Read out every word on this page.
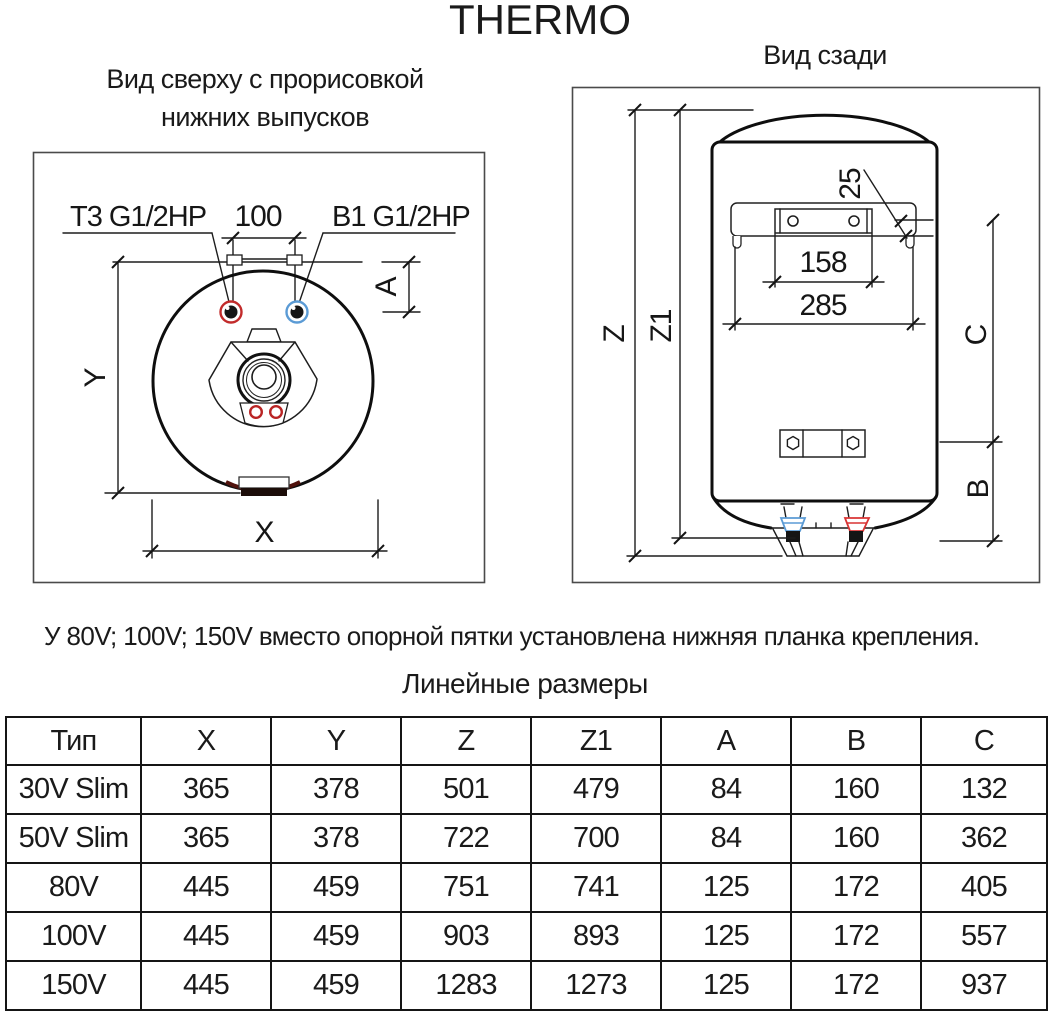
THERMO
Вид сверху с прорисовкой
нижних выпусков
Вид сзади
T3 G1/2HP 100 B1 G1/2HP
Y
A
X
25
158
285
Z Z1	C
B
У 80V; 100V; 150V вместо опорной пятки установлена нижняя планка крепления.
Линейные размеры
Тип	X	Y	Z	Z1	A	B	C
30V Slim	365	378	501	479	84	160	132
50V Slim	365	378	722	700	84	160	362
80V	445	459	751	741	125	172	405
100V	445	459	903	893	125	172	557
150V	445	459	1283	1273	125	172	937
